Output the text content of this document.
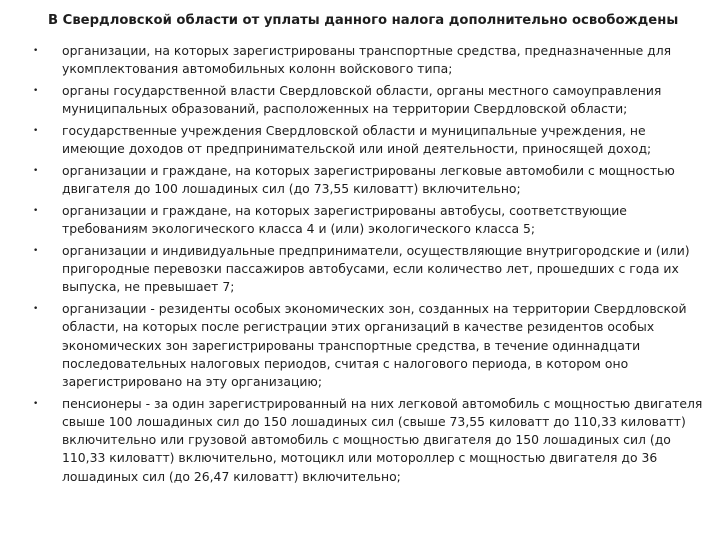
В Свердловской области от уплаты данного налога дополнительно освобождены
• организации, на которых зарегистрированы транспортные средства, предназначенные для укомплектования автомобильных колонн войскового типа;
• органы государственной власти Свердловской области, органы местного самоуправления муниципальных образований, расположенных на территории Свердловской области;
• государственные учреждения Свердловской области и муниципальные учреждения, не имеющие доходов от предпринимательской или иной деятельности, приносящей доход;
• организации и граждане, на которых зарегистрированы легковые автомобили с мощностью двигателя до 100 лошадиных сил (до 73,55 киловатт) включительно;
• организации и граждане, на которых зарегистрированы автобусы, соответствующие требованиям экологического класса 4 и (или) экологического класса 5;
• организации и индивидуальные предприниматели, осуществляющие внутригородские и (или) пригородные перевозки пассажиров автобусами, если количество лет, прошедших с года их выпуска, не превышает 7;
• организации - резиденты особых экономических зон, созданных на территории Свердловской области, на которых после регистрации этих организаций в качестве резидентов особых экономических зон зарегистрированы транспортные средства, в течение одиннадцати последовательных налоговых периодов, считая с налогового периода, в котором оно зарегистрировано на эту организацию;
• пенсионеры - за один зарегистрированный на них легковой автомобиль с мощностью двигателя свыше 100 лошадиных сил до 150 лошадиных сил (свыше 73,55 киловатт до 110,33 киловатт) включительно или грузовой автомобиль с мощностью двигателя до 150 лошадиных сил (до 110,33 киловатт) включительно, мотоцикл или мотороллер с мощностью двигателя до 36 лошадиных сил (до 26,47 киловатт) включительно;
